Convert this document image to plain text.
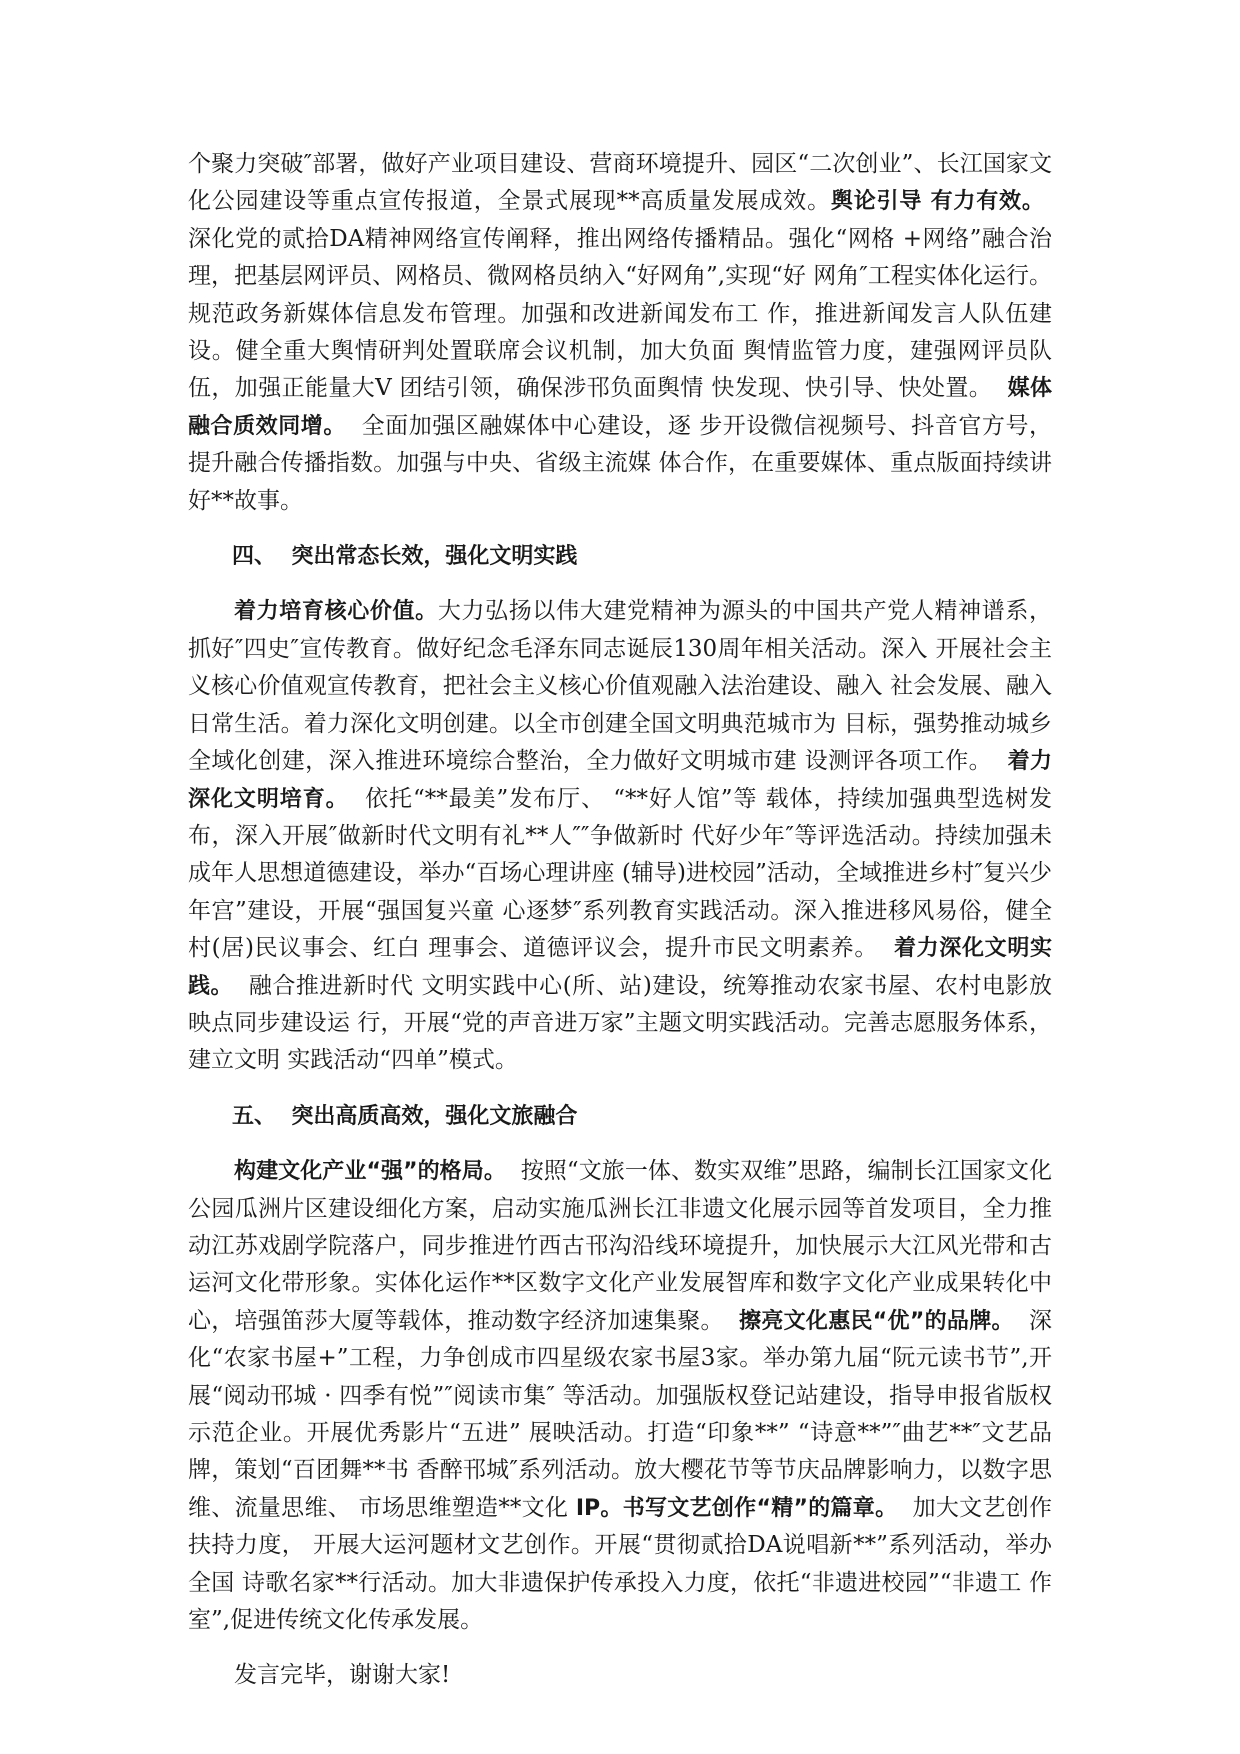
个聚力突破″部署，做好产业项目建设、营商环境提升、园区“二次创业”、长江国家文化公园建设等重点宣传报道，全景式展现**高质量发展成效。舆论引导 有力有效。  深化党的贰拾DA精神网络宣传阐释，推出网络传播精品。强化“网格 +网络”融合治理，把基层网评员、网格员、微网格员纳入“好网角”,实现“好 网角″工程实体化运行。规范政务新媒体信息发布管理。加强和改进新闻发布工 作，推进新闻发言人队伍建设。健全重大舆情研判处置联席会议机制，加大负面 舆情监管力度，建强网评员队伍，加强正能量大V 团结引领，确保涉邗负面舆情 快发现、快引导、快处置。 媒体融合质效同增。 全面加强区融媒体中心建设，逐 步开设微信视频号、抖音官方号，提升融合传播指数。加强与中央、省级主流媒 体合作，在重要媒体、重点版面持续讲好**故事。

四、 突出常态长效，强化文明实践

着力培育核心价值。大力弘扬以伟大建党精神为源头的中国共产党人精神谱系，抓好″四史″宣传教育。做好纪念毛泽东同志诞辰130周年相关活动。深入 开展社会主义核心价值观宣传教育，把社会主义核心价值观融入法治建设、融入 社会发展、融入日常生活。着力深化文明创建。以全市创建全国文明典范城市为 目标，强势推动城乡全域化创建，深入推进环境综合整治，全力做好文明城市建 设测评各项工作。 着力深化文明培育。 依托“**最美”发布厅、 “**好人馆”等 载体，持续加强典型选树发布，深入开展″做新时代文明有礼**人″″争做新时 代好少年″等评选活动。持续加强未成年人思想道德建设，举办“百场心理讲座 (辅导)进校园”活动，全域推进乡村″复兴少年宫”建设，开展“强国复兴童 心逐梦″系列教育实践活动。深入推进移风易俗，健全村(居)民议事会、红白 理事会、道德评议会，提升市民文明素养。 着力深化文明实践。 融合推进新时代 文明实践中心(所、站)建设，统筹推动农家书屋、农村电影放映点同步建设运 行，开展“党的声音进万家”主题文明实践活动。完善志愿服务体系，建立文明 实践活动“四单”模式。

五、 突出高质高效，强化文旅融合

构建文化产业“强”的格局。 按照“文旅一体、数实双维”思路，编制长江国家文化公园瓜洲片区建设细化方案，启动实施瓜洲长江非遗文化展示园等首发项目，全力推动江苏戏剧学院落户，同步推进竹西古邗沟沿线环境提升，加快展示大江风光带和古运河文化带形象。实体化运作**区数字文化产业发展智库和数字文化产业成果转化中心，培强笛莎大厦等载体，推动数字经济加速集聚。 擦亮文化惠民“优”的品牌。 深化“农家书屋+”工程，力争创成市四星级农家书屋3家。举办第九届“阮元读书节”,开展“阅动邗城 · 四季有悦”″阅读市集″ 等活动。加强版权登记站建设，指导申报省版权示范企业。开展优秀影片“五进” 展映活动。打造“印象**” “诗意**”″曲艺**″文艺品牌，策划“百团舞**书 香醉邗城″系列活动。放大樱花节等节庆品牌影响力，以数字思维、流量思维、 市场思维塑造**文化 IP。书写文艺创作“精”的篇章。 加大文艺创作扶持力度， 开展大运河题材文艺创作。开展“贯彻贰拾DA说唱新**”系列活动，举办全国 诗歌名家**行活动。加大非遗保护传承投入力度，依托“非遗进校园”“非遗工 作室”,促进传统文化传承发展。

发言完毕，谢谢大家!
